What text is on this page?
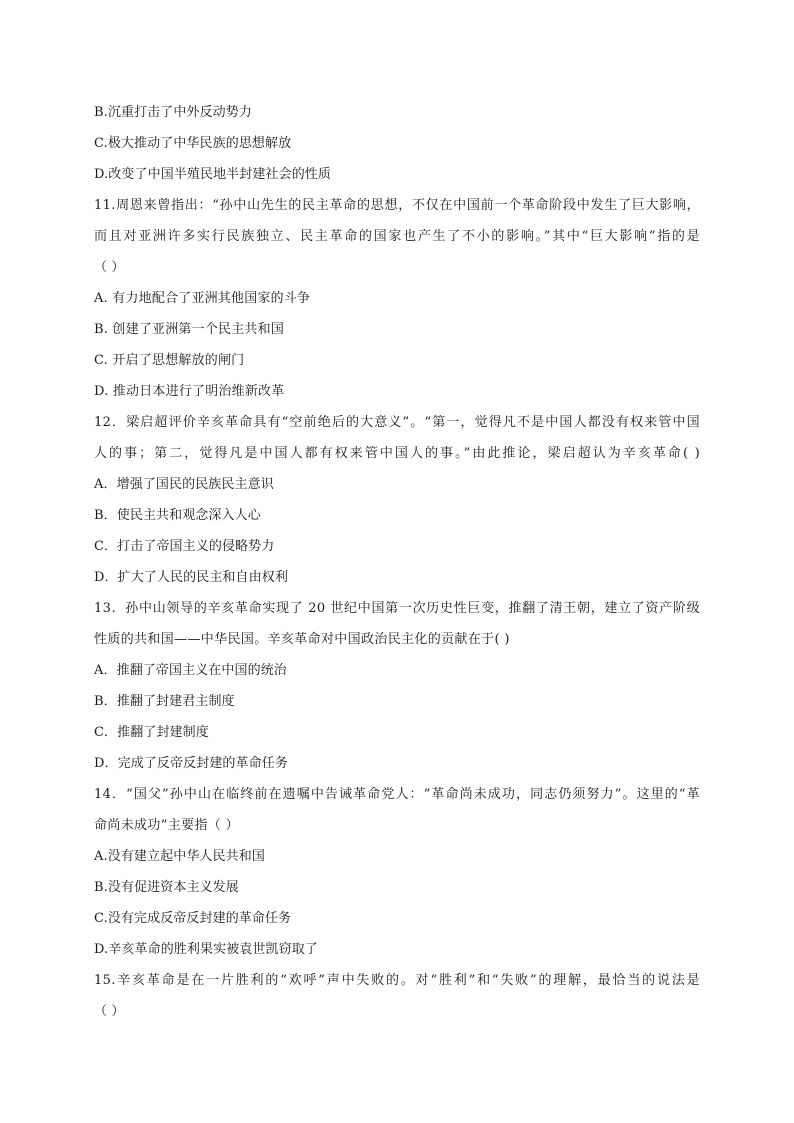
B.沉重打击了中外反动势力
C.极大推动了中华民族的思想解放
D.改变了中国半殖民地半封建社会的性质
11.周恩来曾指出：“孙中山先生的民主革命的思想，不仅在中国前一个革命阶段中发生了巨大影响，
而且对亚洲许多实行民族独立、民主革命的国家也产生了不小的影响。”其中“巨大影响”指的是
（ ）
A. 有力地配合了亚洲其他国家的斗争
B. 创建了亚洲第一个民主共和国
C. 开启了思想解放的闸门
D. 推动日本进行了明治维新改革
12．梁启超评价辛亥革命具有“空前绝后的大意义”。“第一，觉得凡不是中国人都没有权来管中国
人的事；第二，觉得凡是中国人都有权来管中国人的事。”由此推论，梁启超认为辛亥革命( )
A．增强了国民的民族民主意识
B．使民主共和观念深入人心
C．打击了帝国主义的侵略势力
D．扩大了人民的民主和自由权利
13．孙中山领导的辛亥革命实现了 20 世纪中国第一次历史性巨变，推翻了清王朝，建立了资产阶级
性质的共和国——中华民国。辛亥革命对中国政治民主化的贡献在于( )
A．推翻了帝国主义在中国的统治
B．推翻了封建君主制度
C．推翻了封建制度
D．完成了反帝反封建的革命任务
14．“国父”孙中山在临终前在遗嘱中告诫革命党人：“革命尚未成功，同志仍须努力”。这里的“革
命尚未成功”主要指（ ）
A.没有建立起中华人民共和国
B.没有促进资本主义发展
C.没有完成反帝反封建的革命任务
D.辛亥革命的胜利果实被袁世凯窃取了
15.辛亥革命是在一片胜利的“欢呼”声中失败的。对“胜利”和“失败”的理解，最恰当的说法是
（ ）
